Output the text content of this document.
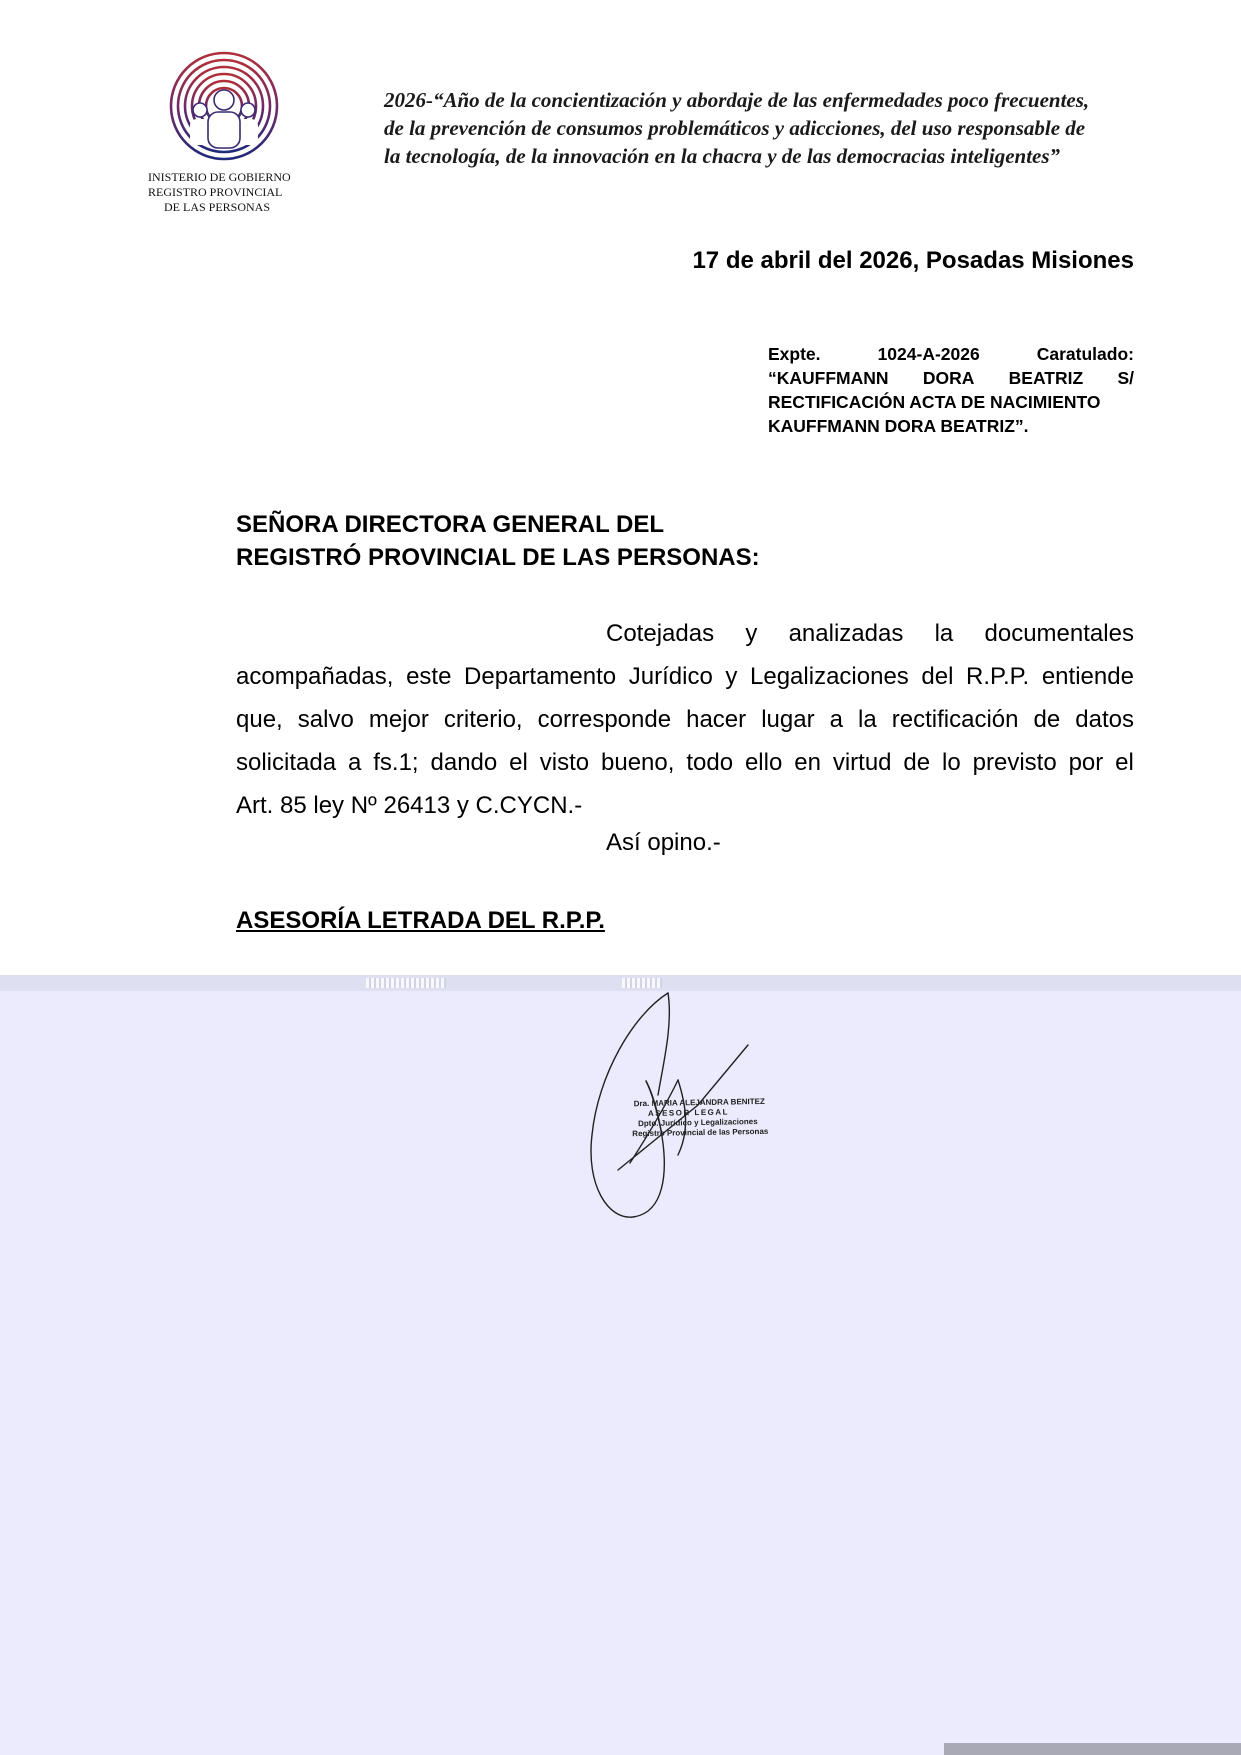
INISTERIO DE GOBIERNO
REGISTRO PROVINCIAL
DE LAS PERSONAS
2026-“Año de la concientización y abordaje de las enfermedades poco frecuentes,
de la prevención de consumos problemáticos y adicciones, del uso responsable de
la tecnología, de la innovación en la chacra y de las democracias inteligentes”
17 de abril del 2026, Posadas Misiones
Expte.	1024-A-2026	Caratulado:
“KAUFFMANN DORA BEATRIZ S/
RECTIFICACIÓN ACTA DE NACIMIENTO
KAUFFMANN DORA BEATRIZ”.
SEÑORA DIRECTORA GENERAL DEL
REGISTRÓ PROVINCIAL DE LAS PERSONAS:
Cotejadas y analizadas la documentales
acompañadas, este Departamento Jurídico y Legalizaciones del R.P.P. entiende
que, salvo mejor criterio, corresponde hacer lugar a la rectificación de datos
solicitada a fs.1; dando el visto bueno, todo ello en virtud de lo previsto por el
Art. 85 ley Nº 26413 y C.CYCN.-
Así opino.-
ASESORÍA LETRADA DEL R.P.P.
Dra. MARIA ALEJANDRA BENITEZ
ASESOR LEGAL
Dpto. Jurídico y Legalizaciones
Registro Provincial de las Personas
